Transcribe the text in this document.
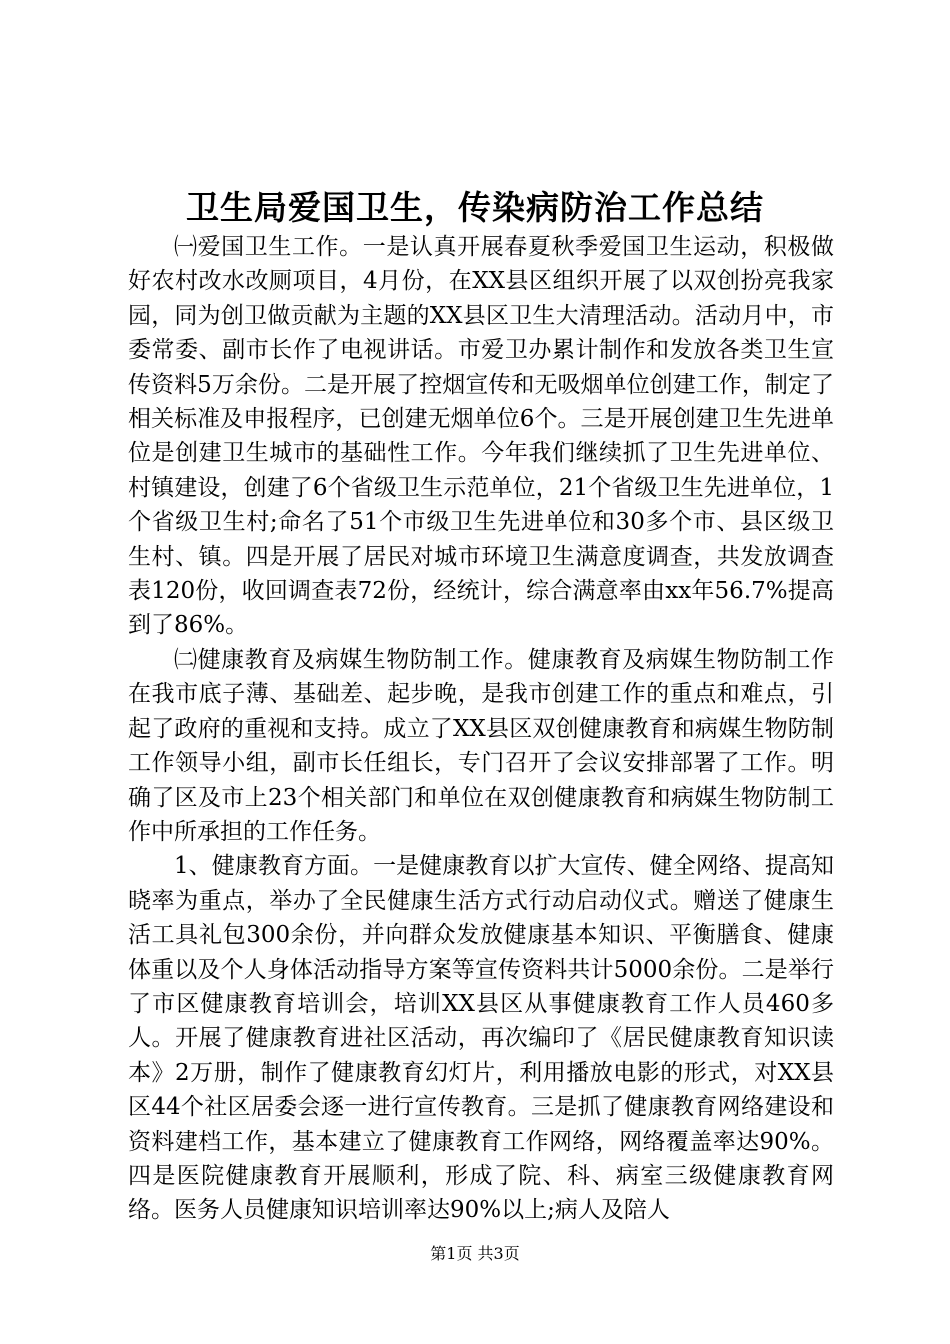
卫生局爱国卫生，传染病防治工作总结

㈠爱国卫生工作。一是认真开展春夏秋季爱国卫生运动，积极做好农村改水改厕项目，4月份，在XX县区组织开展了以双创扮亮我家园，同为创卫做贡献为主题的XX县区卫生大清理活动。活动月中，市委常委、副市长作了电视讲话。市爱卫办累计制作和发放各类卫生宣传资料5万余份。二是开展了控烟宣传和无吸烟单位创建工作，制定了相关标准及申报程序，已创建无烟单位6个。三是开展创建卫生先进单位是创建卫生城市的基础性工作。今年我们继续抓了卫生先进单位、村镇建设，创建了6个省级卫生示范单位，21个省级卫生先进单位，1个省级卫生村;命名了51个市级卫生先进单位和30多个市、县区级卫生村、镇。四是开展了居民对城市环境卫生满意度调查，共发放调查表120份，收回调查表72份，经统计，综合满意率由xx年56.7%提高到了86%。

㈡健康教育及病媒生物防制工作。健康教育及病媒生物防制工作在我市底子薄、基础差、起步晚，是我市创建工作的重点和难点，引起了政府的重视和支持。成立了XX县区双创健康教育和病媒生物防制工作领导小组，副市长任组长，专门召开了会议安排部署了工作。明确了区及市上23个相关部门和单位在双创健康教育和病媒生物防制工作中所承担的工作任务。

1、健康教育方面。一是健康教育以扩大宣传、健全网络、提高知晓率为重点，举办了全民健康生活方式行动启动仪式。赠送了健康生活工具礼包300余份，并向群众发放健康基本知识、平衡膳食、健康体重以及个人身体活动指导方案等宣传资料共计5000余份。二是举行了市区健康教育培训会，培训XX县区从事健康教育工作人员460多人。开展了健康教育进社区活动，再次编印了《居民健康教育知识读本》2万册，制作了健康教育幻灯片，利用播放电影的形式，对XX县区44个社区居委会逐一进行宣传教育。三是抓了健康教育网络建设和资料建档工作，基本建立了健康教育工作网络，网络覆盖率达90%。四是医院健康教育开展顺利，形成了院、科、病室三级健康教育网络。医务人员健康知识培训率达90%以上;病人及陪人

第1页 共3页
